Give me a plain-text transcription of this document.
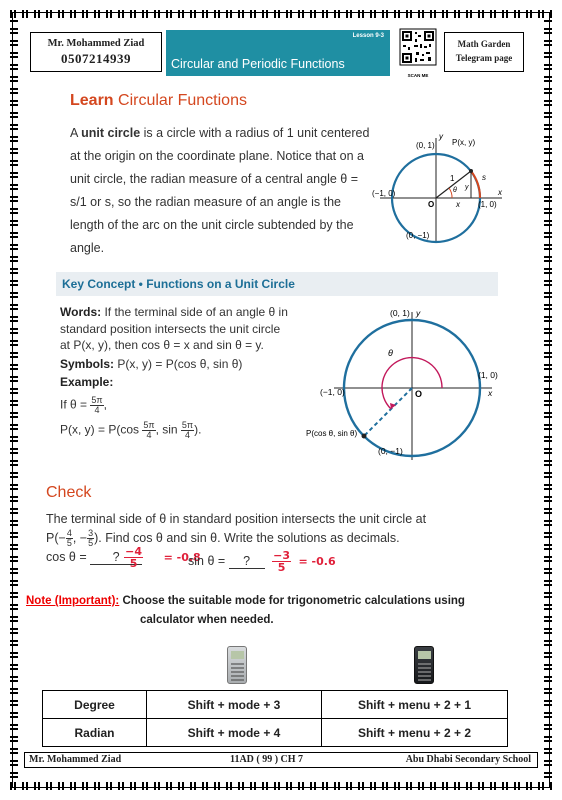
Mr. Mohammed Ziad
0507214939
Lesson 9-3
Circular and Periodic Functions
SCAN ME
Math Garden
Telegram page
Learn Circular Functions
A unit circle is a circle with a radius of 1 unit centered at the origin on the coordinate plane. Notice that on a unit circle, the radian measure of a central angle θ = s/1 or s, so the radian measure of an angle is the length of the arc on the unit circle subtended by the angle.
(0, 1)
y
P(x, y)
(−1, 0)
(1, 0)
(0, −1)
O
x
x
1	s
θ y
Key Concept • Functions on a Unit Circle
Words: If the terminal side of an angle θ in standard position intersects the unit circle at P(x, y), then cos θ = x and sin θ = y.
Symbols: P(x, y) = P(cos θ, sin θ)
Example:
If $\theta = \frac{5\pi}{4}$ ,
P(x, $y) = P(\cos \frac{5\pi}{4}$ , $\sin \frac{5\pi}{4}$ ).
(0, 1) y
θ
(−1, 0)
(1, 0)
O	x
P(cos θ, sin θ)
(0, −1)
Check
The terminal side of θ in standard position intersects the unit circle at
$P(- \frac{4}{5}$ , − $\frac{3}{5}$ ). Find cos θ and sin θ. Write the solutions as decimals.
cos θ = ? $\frac{-4}{5} = -0.8$
sin θ = ? $\frac{-3}{5} = -0.6$
Note (Important): Choose the suitable mode for trigonometric calculations using
calculator when needed.
Degree	Shift + mode + 3	Shift + menu + 2 + 1
Radian	Shift + mode + 4	Shift + menu + 2 + 2
Mr. Mohammed Ziad	11AD ( 99 ) CH 7	Abu Dhabi Secondary School
